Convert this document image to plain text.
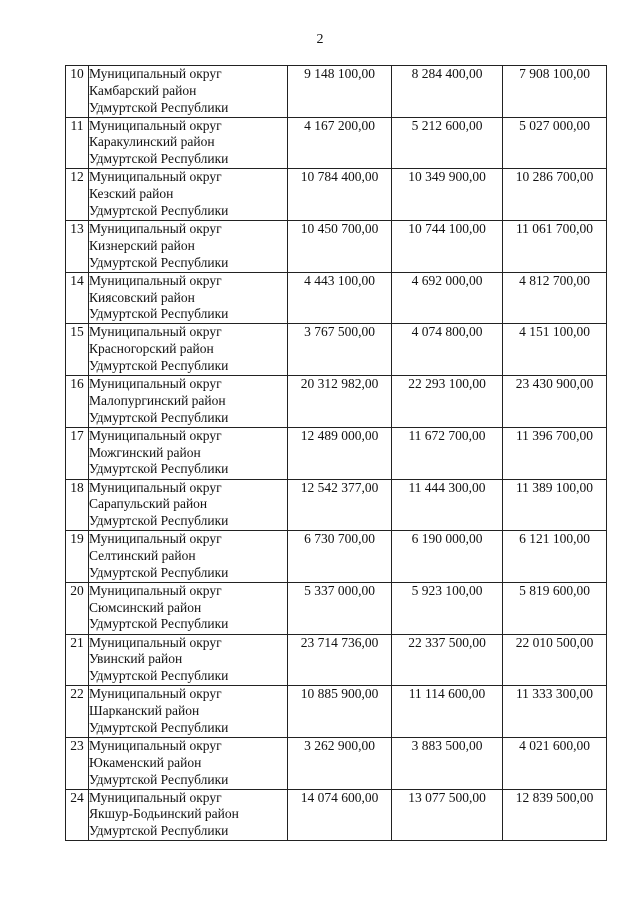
2
10	Муниципальный округ
Камбарский район
Удмуртской Республики	9 148 100,00	8 284 400,00	7 908 100,00
11	Муниципальный округ
Каракулинский район
Удмуртской Республики	4 167 200,00	5 212 600,00	5 027 000,00
12	Муниципальный округ
Кезский район
Удмуртской Республики	10 784 400,00	10 349 900,00	10 286 700,00
13	Муниципальный округ
Кизнерский район
Удмуртской Республики	10 450 700,00	10 744 100,00	11 061 700,00
14	Муниципальный округ
Киясовский район
Удмуртской Республики	4 443 100,00	4 692 000,00	4 812 700,00
15	Муниципальный округ
Красногорский район
Удмуртской Республики	3 767 500,00	4 074 800,00	4 151 100,00
16	Муниципальный округ
Малопургинский район
Удмуртской Республики	20 312 982,00	22 293 100,00	23 430 900,00
17	Муниципальный округ
Можгинский район
Удмуртской Республики	12 489 000,00	11 672 700,00	11 396 700,00
18	Муниципальный округ
Сарапульский район
Удмуртской Республики	12 542 377,00	11 444 300,00	11 389 100,00
19	Муниципальный округ
Селтинский район
Удмуртской Республики	6 730 700,00	6 190 000,00	6 121 100,00
20	Муниципальный округ
Сюмсинский район
Удмуртской Республики	5 337 000,00	5 923 100,00	5 819 600,00
21	Муниципальный округ
Увинский район
Удмуртской Республики	23 714 736,00	22 337 500,00	22 010 500,00
22	Муниципальный округ
Шарканский район
Удмуртской Республики	10 885 900,00	11 114 600,00	11 333 300,00
23	Муниципальный округ
Юкаменский район
Удмуртской Республики	3 262 900,00	3 883 500,00	4 021 600,00
24	Муниципальный округ
Якшур-Бодьинский район
Удмуртской Республики	14 074 600,00	13 077 500,00	12 839 500,00
